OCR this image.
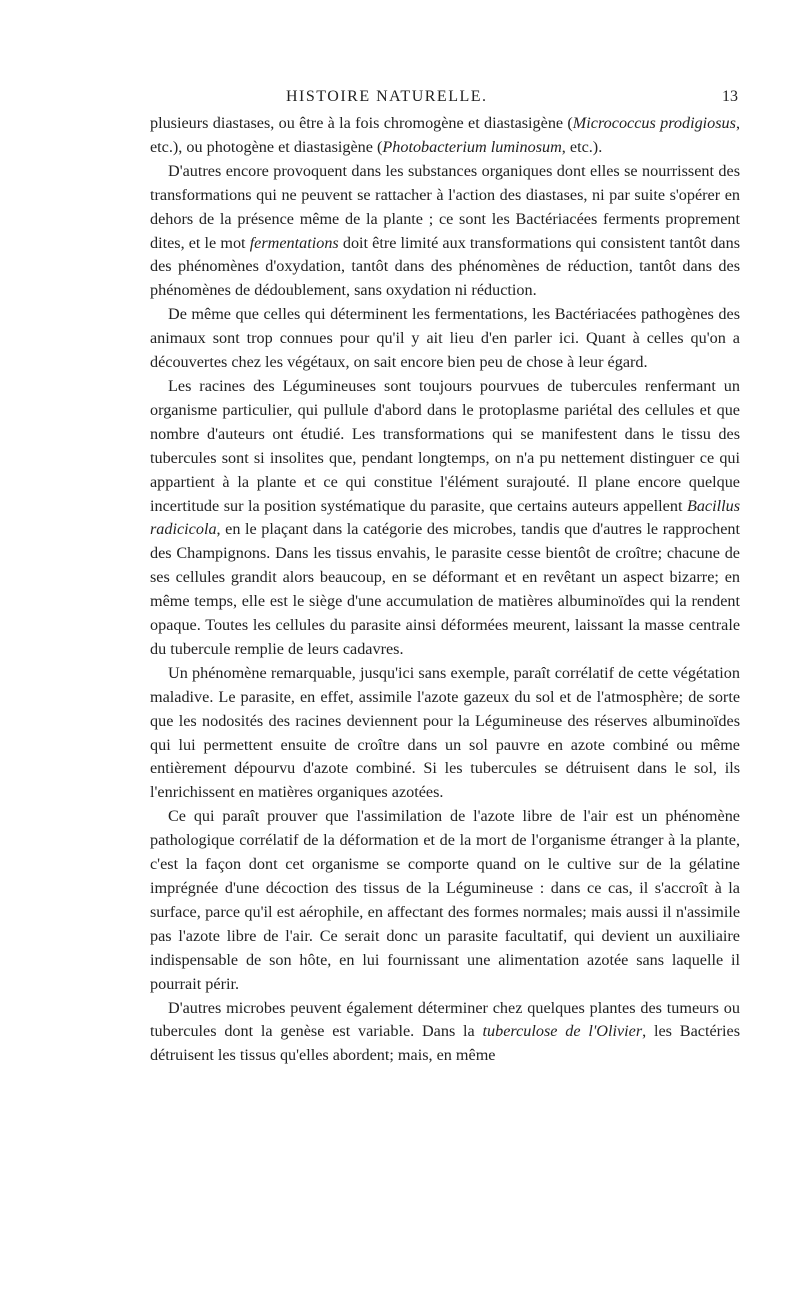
HISTOIRE NATURELLE.	13

plusieurs diastases, ou être à la fois chromogène et diastasigène (Micrococcus prodigiosus, etc.), ou photogène et diastasigène (Photobacterium luminosum, etc.).

D'autres encore provoquent dans les substances organiques dont elles se nourrissent des transformations qui ne peuvent se rattacher à l'action des diastases, ni par suite s'opérer en dehors de la présence même de la plante ; ce sont les Bactériacées ferments proprement dites, et le mot fermentations doit être limité aux transformations qui consistent tantôt dans des phénomènes d'oxydation, tantôt dans des phénomènes de réduction, tantôt dans des phénomènes de dédoublement, sans oxydation ni réduction.

De même que celles qui déterminent les fermentations, les Bactériacées pathogènes des animaux sont trop connues pour qu'il y ait lieu d'en parler ici. Quant à celles qu'on a découvertes chez les végétaux, on sait encore bien peu de chose à leur égard.

Les racines des Légumineuses sont toujours pourvues de tubercules renfermant un organisme particulier, qui pullule d'abord dans le protoplasme pariétal des cellules et que nombre d'auteurs ont étudié. Les transformations qui se manifestent dans le tissu des tubercules sont si insolites que, pendant longtemps, on n'a pu nettement distinguer ce qui appartient à la plante et ce qui constitue l'élément surajouté. Il plane encore quelque incertitude sur la position systématique du parasite, que certains auteurs appellent Bacillus radicicola, en le plaçant dans la catégorie des microbes, tandis que d'autres le rapprochent des Champignons. Dans les tissus envahis, le parasite cesse bientôt de croître; chacune de ses cellules grandit alors beaucoup, en se déformant et en revêtant un aspect bizarre; en même temps, elle est le siège d'une accumulation de matières albuminoïdes qui la rendent opaque. Toutes les cellules du parasite ainsi déformées meurent, laissant la masse centrale du tubercule remplie de leurs cadavres.

Un phénomène remarquable, jusqu'ici sans exemple, paraît corrélatif de cette végétation maladive. Le parasite, en effet, assimile l'azote gazeux du sol et de l'atmosphère; de sorte que les nodosités des racines deviennent pour la Légumineuse des réserves albuminoïdes qui lui permettent ensuite de croître dans un sol pauvre en azote combiné ou même entièrement dépourvu d'azote combiné. Si les tubercules se détruisent dans le sol, ils l'enrichissent en matières organiques azotées.

Ce qui paraît prouver que l'assimilation de l'azote libre de l'air est un phénomène pathologique corrélatif de la déformation et de la mort de l'organisme étranger à la plante, c'est la façon dont cet organisme se comporte quand on le cultive sur de la gélatine imprégnée d'une décoction des tissus de la Légumineuse : dans ce cas, il s'accroît à la surface, parce qu'il est aérophile, en affectant des formes normales; mais aussi il n'assimile pas l'azote libre de l'air. Ce serait donc un parasite facultatif, qui devient un auxiliaire indispensable de son hôte, en lui fournissant une alimentation azotée sans laquelle il pourrait périr.

D'autres microbes peuvent également déterminer chez quelques plantes des tumeurs ou tubercules dont la genèse est variable. Dans la tuberculose de l'Olivier, les Bactéries détruisent les tissus qu'elles abordent; mais, en même
